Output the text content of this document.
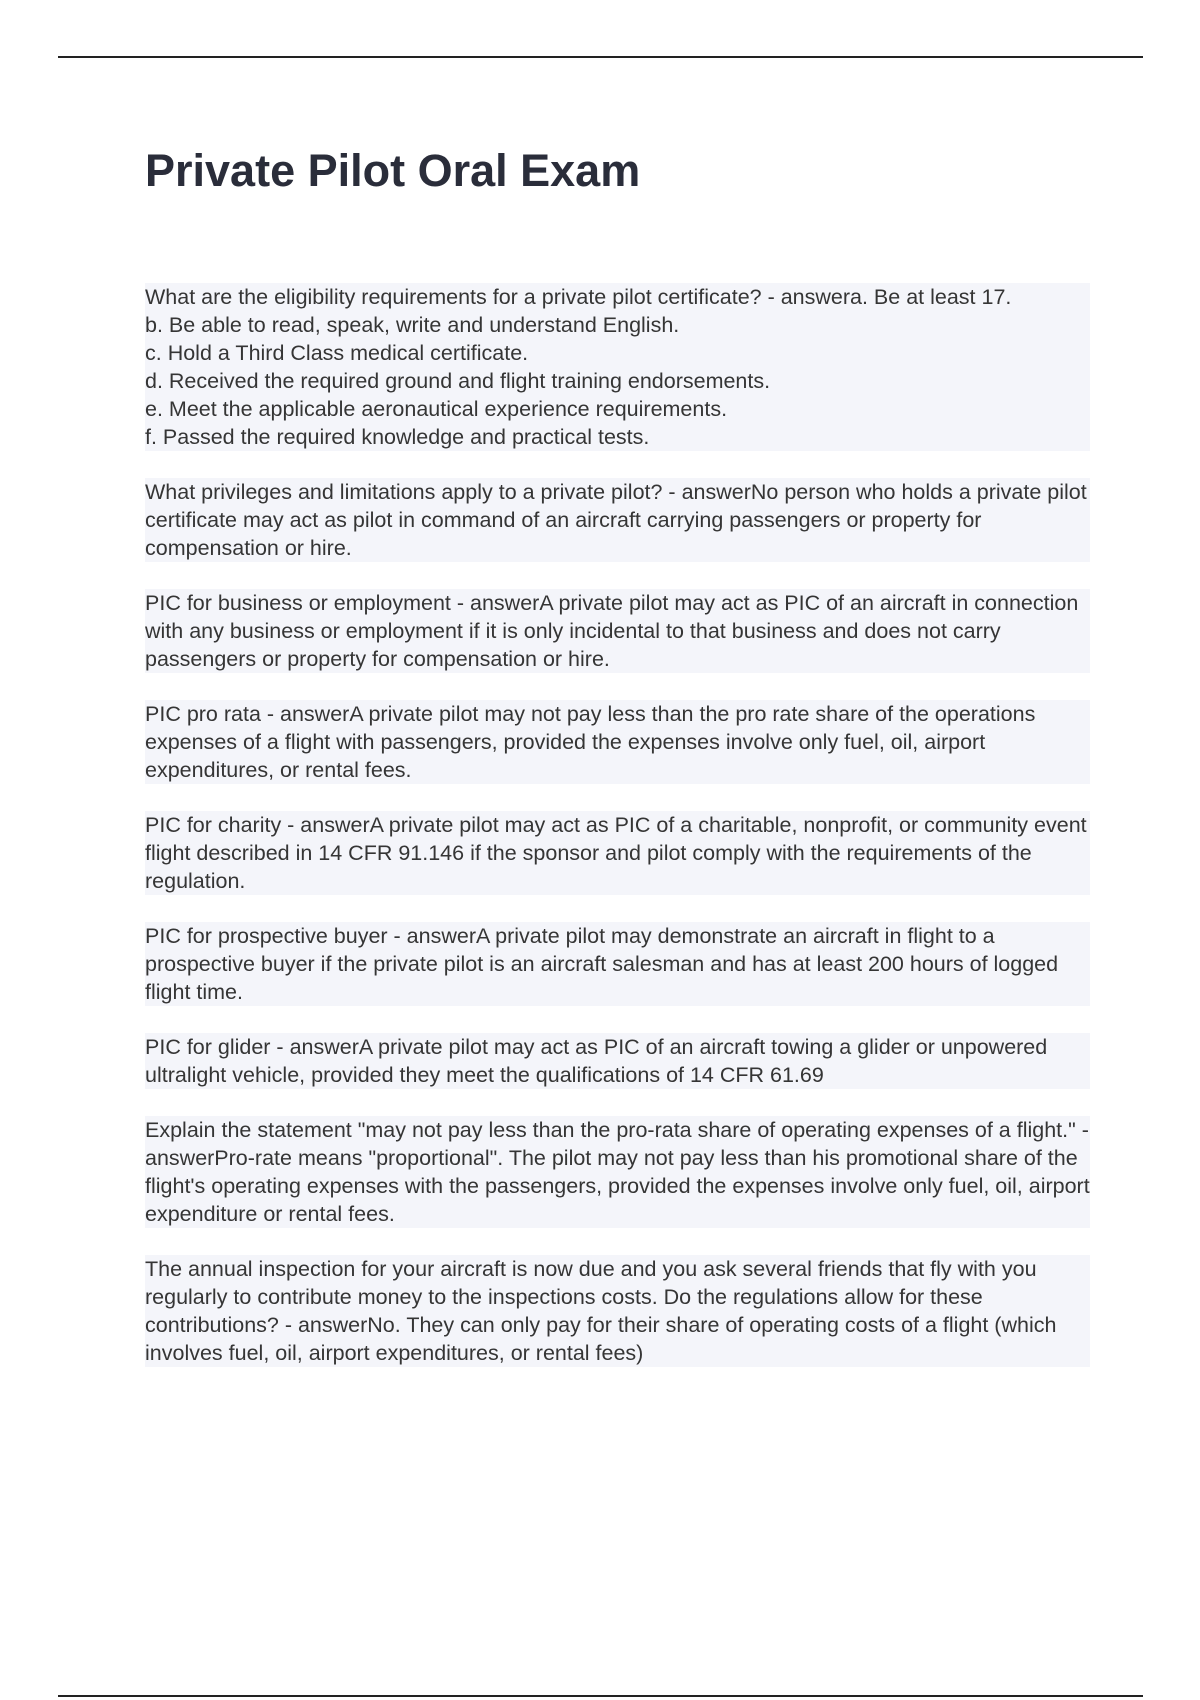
Private Pilot Oral Exam

What are the eligibility requirements for a private pilot certificate? - answera. Be at least 17.
b. Be able to read, speak, write and understand English.
c. Hold a Third Class medical certificate.
d. Received the required ground and flight training endorsements.
e. Meet the applicable aeronautical experience requirements.
f. Passed the required knowledge and practical tests.

What privileges and limitations apply to a private pilot? - answerNo person who holds a private pilot certificate may act as pilot in command of an aircraft carrying passengers or property for compensation or hire.

PIC for business or employment - answerA private pilot may act as PIC of an aircraft in connection with any business or employment if it is only incidental to that business and does not carry passengers or property for compensation or hire.

PIC pro rata - answerA private pilot may not pay less than the pro rate share of the operations expenses of a flight with passengers, provided the expenses involve only fuel, oil, airport expenditures, or rental fees.

PIC for charity - answerA private pilot may act as PIC of a charitable, nonprofit, or community event flight described in 14 CFR 91.146 if the sponsor and pilot comply with the requirements of the regulation.

PIC for prospective buyer - answerA private pilot may demonstrate an aircraft in flight to a prospective buyer if the private pilot is an aircraft salesman and has at least 200 hours of logged flight time.

PIC for glider - answerA private pilot may act as PIC of an aircraft towing a glider or unpowered ultralight vehicle, provided they meet the qualifications of 14 CFR 61.69

Explain the statement "may not pay less than the pro-rata share of operating expenses of a flight." - answerPro-rate means "proportional". The pilot may not pay less than his promotional share of the flight's operating expenses with the passengers, provided the expenses involve only fuel, oil, airport expenditure or rental fees.

The annual inspection for your aircraft is now due and you ask several friends that fly with you regularly to contribute money to the inspections costs. Do the regulations allow for these contributions? - answerNo. They can only pay for their share of operating costs of a flight (which involves fuel, oil, airport expenditures, or rental fees)
